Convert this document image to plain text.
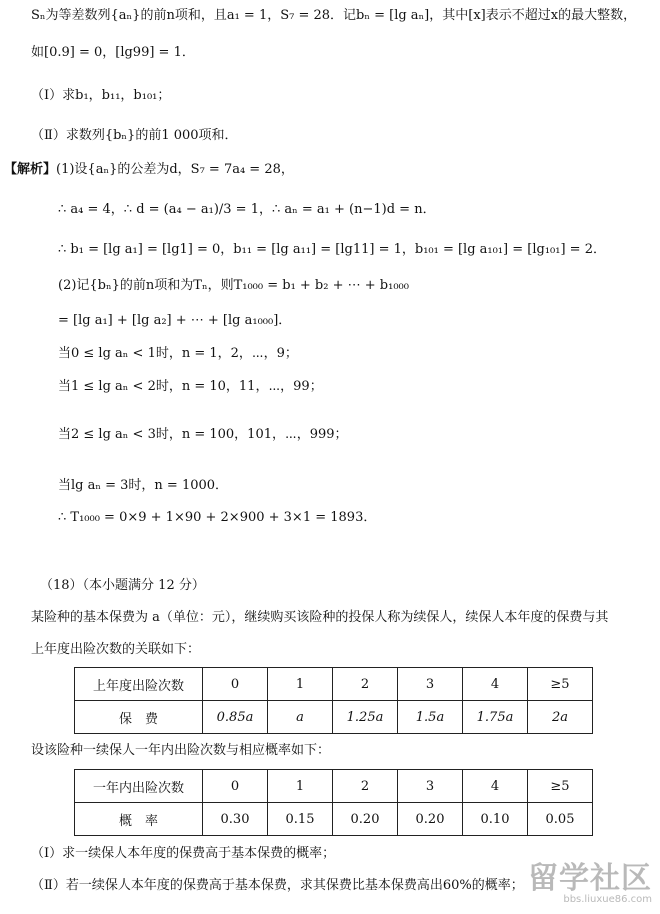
Sₙ为等差数列{aₙ}的前n项和，且a₁ = 1，S₇ = 28．记bₙ = [lg aₙ]，其中[x]表示不超过x的最大整数，
如[0.9] = 0，[lg99] = 1．
（Ⅰ）求b₁，b₁₁，b₁₀₁；
（Ⅱ）求数列{bₙ}的前1 000项和．
【解析】(1)设{aₙ}的公差为d，S₇ = 7a₄ = 28，
∴ a₄ = 4，∴ d = (a₄ − a₁)/3 = 1，∴ aₙ = a₁ + (n−1)d = n．
∴ b₁ = [lg a₁] = [lg1] = 0，b₁₁ = [lg a₁₁] = [lg11] = 1，b₁₀₁ = [lg a₁₀₁] = [lg₁₀₁] = 2．
(2)记{bₙ}的前n项和为Tₙ，则T₁₀₀₀ = b₁ + b₂ + ⋯ + b₁₀₀₀
= [lg a₁] + [lg a₂] + ⋯ + [lg a₁₀₀₀]．
当0 ≤ lg aₙ < 1时，n = 1，2，⋯，9；
当1 ≤ lg aₙ < 2时，n = 10，11，⋯，99；
当2 ≤ lg aₙ < 3时，n = 100，101，⋯，999；
当lg aₙ = 3时，n = 1000．
∴ T₁₀₀₀ = 0×9 + 1×90 + 2×900 + 3×1 = 1893．
（18）（本小题满分 12 分）
某险种的基本保费为 a（单位：元），继续购买该险种的投保人称为续保人，续保人本年度的保费与其
上年度出险次数的关联如下：
上年度出险次数	0	1	2	3	4	≥5
保　费	0.85a	a	1.25a	1.5a	1.75a	2a
设该险种一续保人一年内出险次数与相应概率如下：
一年内出险次数	0	1	2	3	4	≥5
概　率	0.30	0.15	0.20	0.20	0.10	0.05
（Ⅰ）求一续保人本年度的保费高于基本保费的概率；
（Ⅱ）若一续保人本年度的保费高于基本保费，求其保费比基本保费高出60%的概率； 留学社区
bbs.liuxue86.com
